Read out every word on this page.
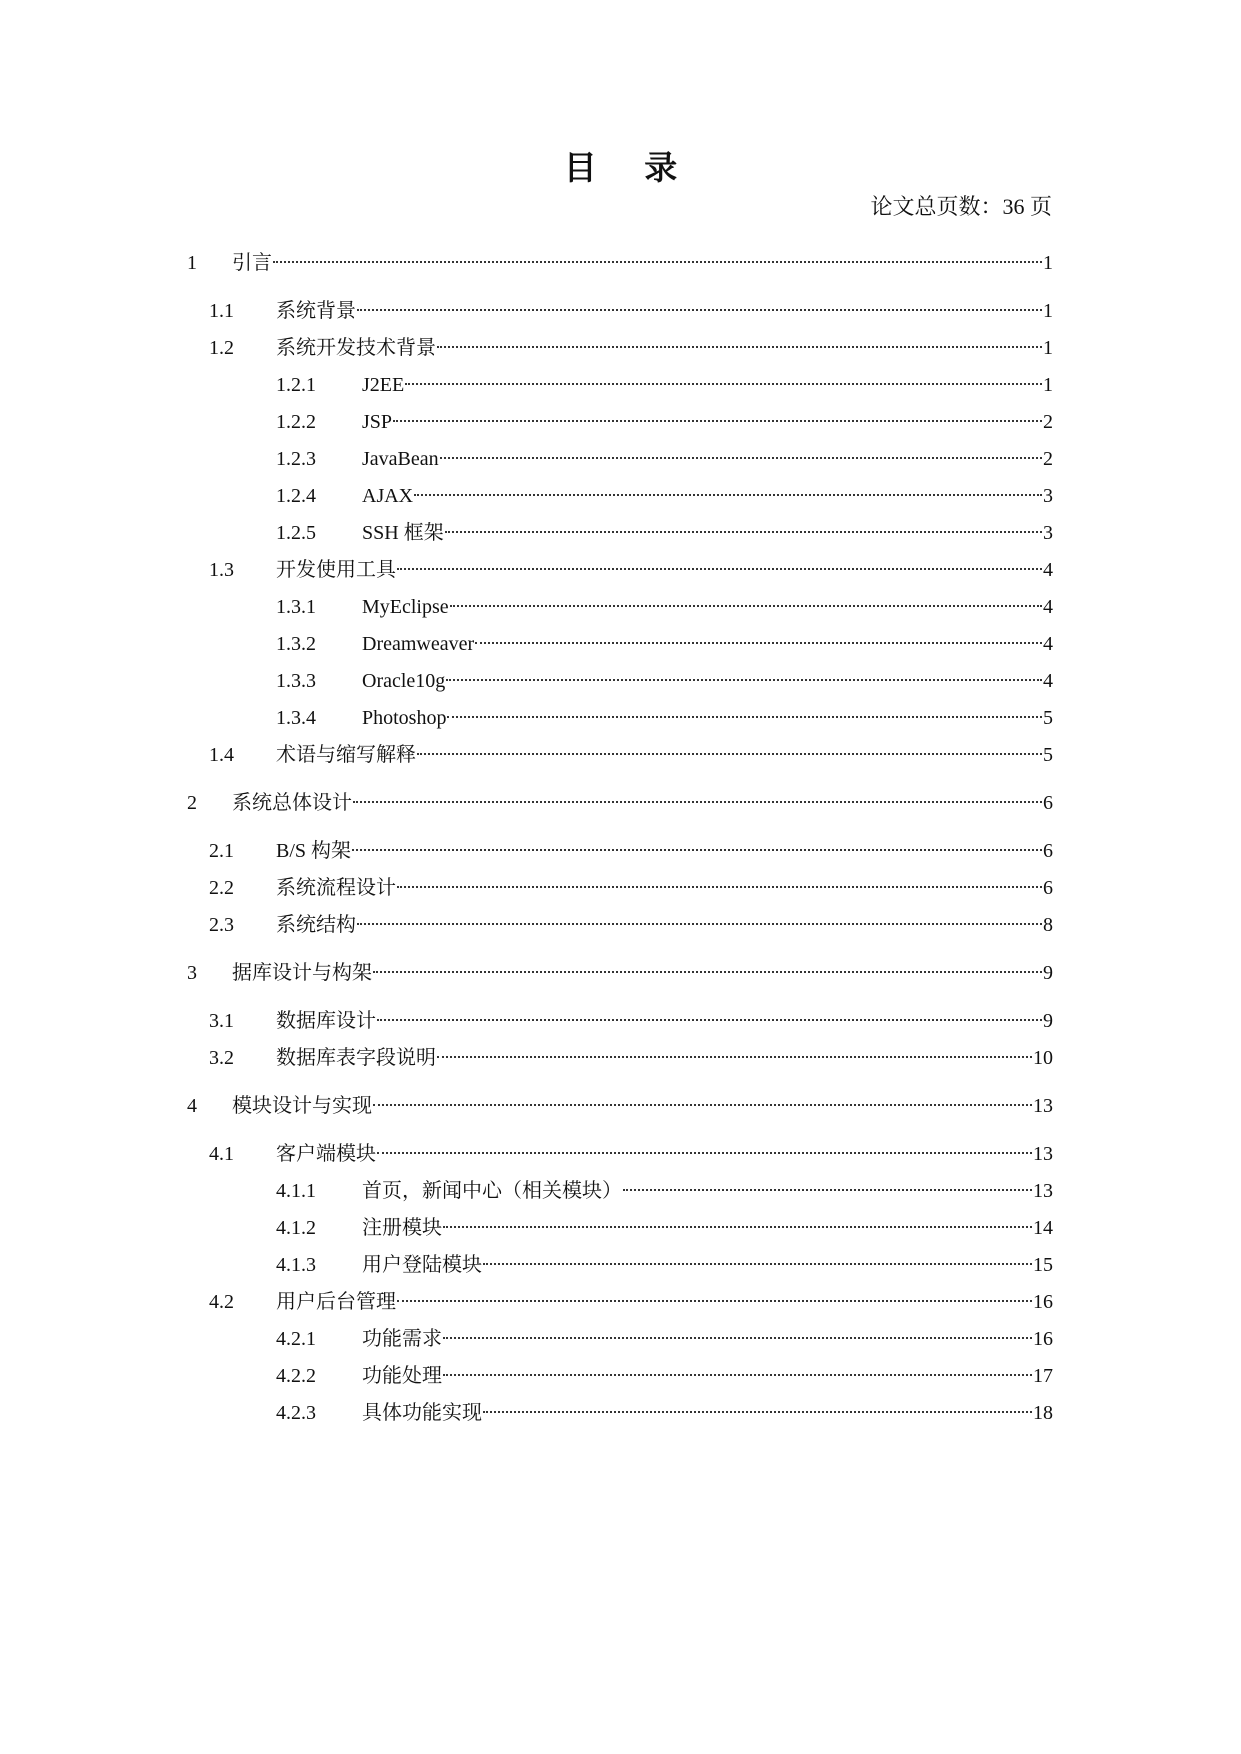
目 录
论文总页数：36 页
1	引言	1
1.1	系统背景	1
1.2	系统开发技术背景	1
1.2.1	J2EE	1
1.2.2	JSP	2
1.2.3	JavaBean	2
1.2.4	AJAX	3
1.2.5	SSH 框架	3
1.3	开发使用工具	4
1.3.1	MyEclipse	4
1.3.2	Dreamweaver	4
1.3.3	Oracle10g	4
1.3.4	Photoshop	5
1.4	术语与缩写解释	5
2	系统总体设计	6
2.1	B/S 构架	6
2.2	系统流程设计	6
2.3	系统结构	8
3	据库设计与构架	9
3.1	数据库设计	9
3.2	数据库表字段说明	10
4	模块设计与实现	13
4.1	客户端模块	13
4.1.1	首页，新闻中心（相关模块）	13
4.1.2	注册模块	14
4.1.3	用户登陆模块	15
4.2	用户后台管理	16
4.2.1	功能需求	16
4.2.2	功能处理	17
4.2.3	具体功能实现	18
